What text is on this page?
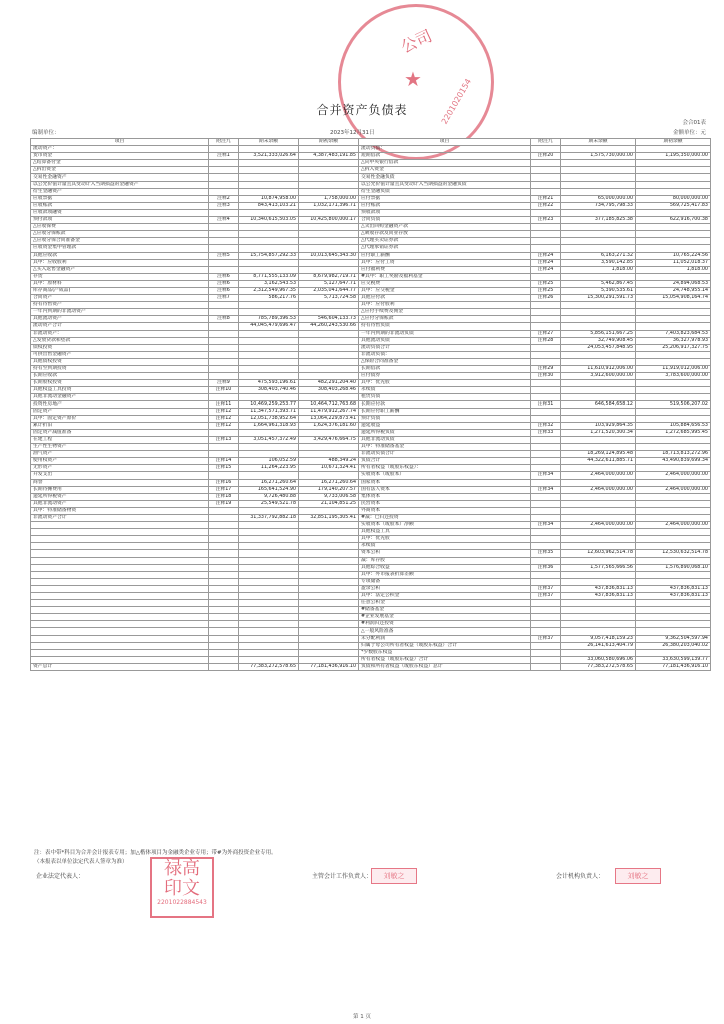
公司
★ 2201020154
合并资产负债表
会合01表
编制单位：	2023年12月31日	金额单位：元
项目	附注九	期末余额	期初余额	项目	附注九	期末余额	期初余额
流动资产：				流动负债：			
货币资金	注释1	3,521,333,026.64	4,387,483,191.85	短期借款	注释20	1,575,730,000.00	1,195,350,000.00
△结算备付金				△向中央银行借款			
△拆出资金				△拆入资金			
交易性金融资产				交易性金融负债			
以公允价值计量且其变动计入当期损益的金融资产				以公允价值计量且其变动计入当期损益的金融负债			
衍生金融资产				衍生金融负债			
应收票据	注释2	10,874,958.00	1,758,000.00	应付票据	注释21	65,000,000.00	80,000,000.00
应收账款	注释3	843,413,103.21	1,032,171,396.71	应付账款	注释22	734,795,798.33	569,725,417.83
应收款项融资				预收款项			
预付款项	注释4	10,340,615,503.05	10,425,800,000.17	合同负债	注释23	377,185,825.38	622,916,700.38
△应收保费				△卖出回购金融资产款			
△应收分保账款				△吸收存款及同业存放			
△应收分保合同准备金				△代理买卖证券款			
应收资金集中管理款				△代理承销证券款			
其他应收款	注释5	15,754,857,292.33	10,013,645,343.30	应付职工薪酬	注释24	6,163,271.32	10,765,224.56
其中：应收股利				其中：应付工资	注释24	3,590,142.85	11,052,018.37
△买入返售金融资产				应付福利费	注释24	1,818.00	1,818.00
存货	注释6	8,771,555,133.09	8,679,982,719.71	#其中：职工奖励及福利基金			
其中：原材料	注释6	3,162,543.53	5,127,647.71	应交税费	注释25	5,462,867.45	24,894,068.53
库存商品(产成品)	注释6	2,312,549,967.35	2,035,041,644.77	其中：应交税金	注释25	5,390,535.61	24,748,955.14
合同资产	注释7	586,217.76	5,713,724.58	其他应付款	注释26	15,300,291,591.73	15,054,908,164.74
持有待售资产				其中：应付股利			
一年内到期的非流动资产				△应付手续费及佣金			
其他流动资产	注释8	785,789,396.53	546,604,133.73	△应付分保账款			
流动资产合计		44,045,479,696.47	44,260,243,530.66	持有待售负债			
非流动资产：				一年内到期的非流动负债	注释27	5,856,151,667.25	7,403,823,684.53
△发放贷款和垫款				其他流动负债	注释28	32,749,908.45	36,327,978.93
债权投资				流动负债合计		24,053,457,848.95	25,206,917,327.75
可供出售金融资产				非流动负债：			
其他债权投资				△保险合同准备金			
持有至到期投资				长期借款	注释29	11,610,912,006.00	11,919,012,006.00
长期应收款				应付债券	注释30	3,912,600,000.00	3,783,600,000.00
长期股权投资	注释9	475,593,196.61	482,291,204.40	其中：优先股			
其他权益工具投资	注释10	308,403,740.46	308,403,268.46	永续债			
其他非流动金融资产				租赁负债			
投资性房地产	注释11	10,469,259,253.77	10,464,712,763.68	长期应付款	注释31	646,584,658.12	519,506,207.02
固定资产	注释12	11,347,571,393.71	11,479,912,267.74	长期应付职工薪酬			
其中：固定资产原价	注释12	12,051,738,952.64	13,064,229,873.41	预计负债			
累计折旧	注释12	1,664,961,318.93	1,624,376,181.60	递延收益	注释32	103,929,864.35	105,884,656.53
固定资产减值准备				递延所得税负债	注释33	1,271,520,300.34	1,272,685,995.45
在建工程	注释13	3,051,457,372.49	3,429,476,664.75	其他非流动负债			
生产性生物资产				其中：特准储备基金			
油气资产				非流动负债合计		18,269,124,895.48	18,713,813,272.96
使用权资产	注释14	106,052.59	488,349.24	负债合计		44,322,611,885.71	43,490,839,699.34
无形资产	注释15	11,264,223.95	10,671,324.41	所有者权益（或股东权益）：			
开发支出				实收资本（或股本）	注释34	2,464,000,000.00	2,464,000,000.00
商誉	注释16	16,271,260.64	16,271,260.64	国家资本			
长期待摊费用	注释17	165,641,524.90	179,140,207.57	国有法人资本	注释34	2,464,000,000.00	2,464,000,000.00
递延所得税资产	注释18	9,726,480.88	9,733,006.58	集体资本			
其他非流动资产	注释19	25,549,521.78	21,104,851.25	民营资本			
其中：特准储备物资				外商资本			
非流动资产合计		31,337,792,882.18	32,851,195,305.41	#减：已归还投资			
				实收资本（或股本）净额	注释34	2,464,000,000.00	2,464,000,000.00
				其他权益工具			
				其中：优先股			
				永续债			
				资本公积	注释35	12,603,962,514.78	12,530,632,514.78
				减：库存股			
				其他综合收益	注释36	1,577,565,666.56	1,576,890,068.10
				其中：外币报表折算差额			
				专项储备			
				盈余公积	注释37	437,836,831.13	437,836,831.13
				其中：法定公积金	注释37	437,836,831.13	437,836,831.13
				任意公积金			
				#储备基金			
				#企业发展基金			
				#利润归还投资			
				△一般风险准备			
				未分配利润	注释37	9,057,418,159.23	9,362,504,597.94
				归属于母公司所有者权益（或股东权益）合计		26,141,613,404.79	26,380,203,040.02
				*少数股东权益			
				所有者权益（或股东权益）合计		33,060,580,696.06	33,630,599,139.77
资产总计		77,383,272,578.65	77,181,436,916.10	负债和所有者权益（或股东权益）总计		77,383,272,578.65	77,181,436,916.10
注：表中带*科目为合并会计报表专用；加△楷体项目为金融类企业专用；带#为外商投资企业专用。
（本报表以单位法定代表人签章为准）
企业法定代表人：	禄高
印文
2201022884543
主管会计工作负责人：	刘敏之	会计机构负责人：	刘敏之
第 1 页
